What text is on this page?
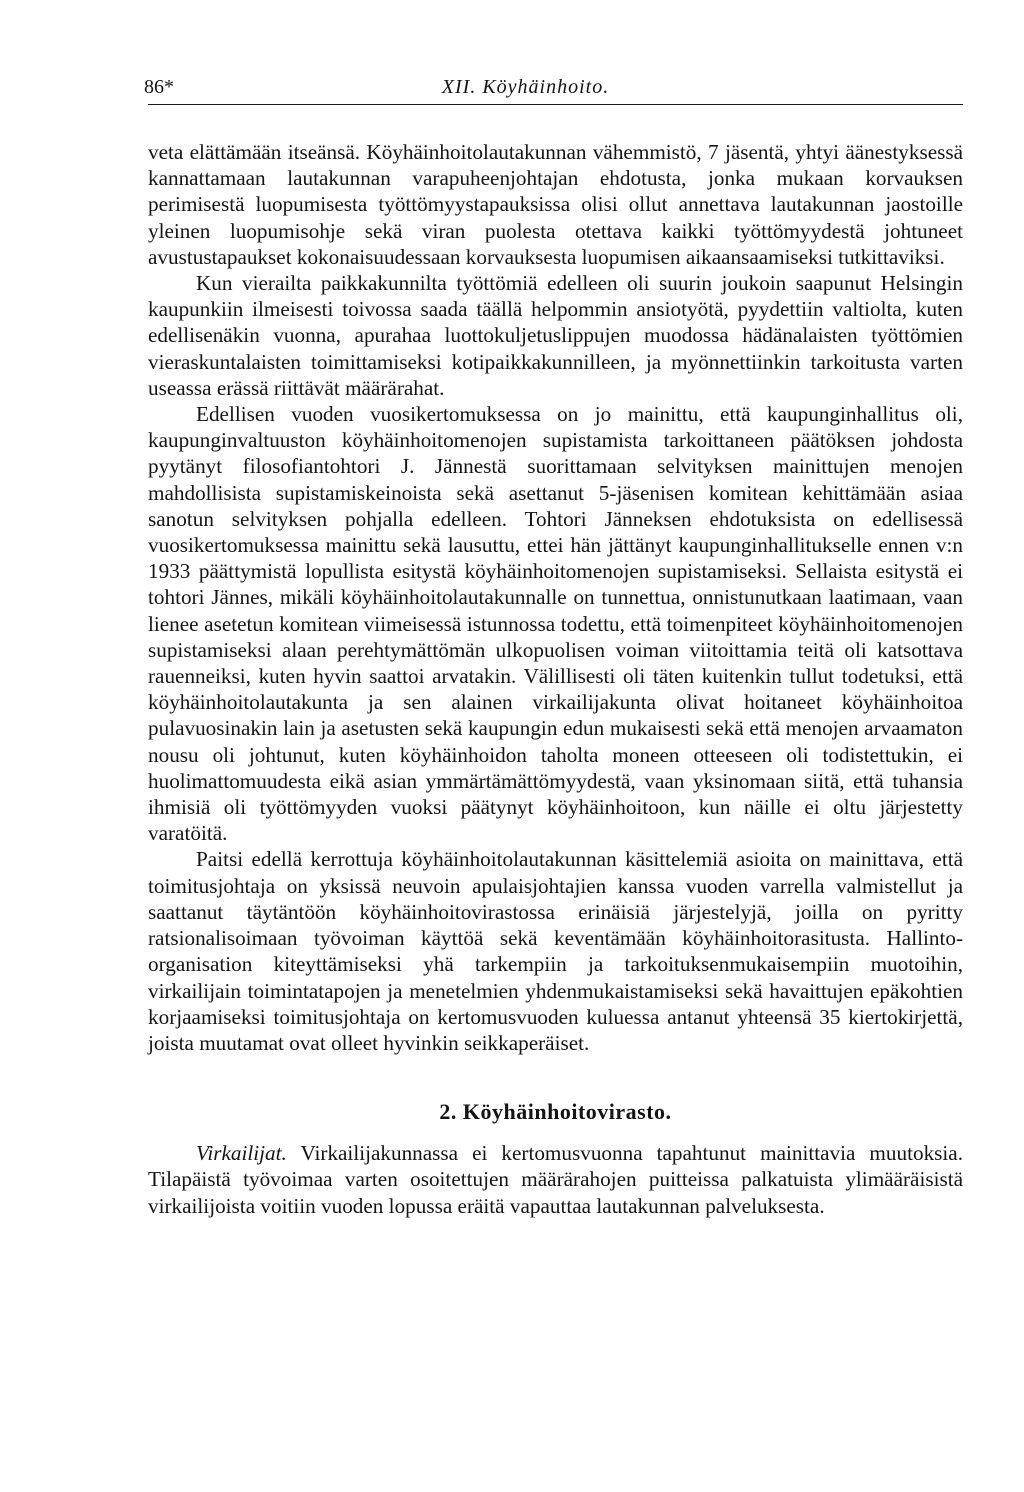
86*	XII. Köyhäinhoito.

veta elättämään itseänsä. Köyhäinhoitolautakunnan vähemmistö, 7 jäsentä, yhtyi äänestyksessä kannattamaan lautakunnan varapuheenjohtajan ehdotusta, jonka mukaan korvauksen perimisestä luopumisesta työttömyystapauksissa olisi ollut annettava lautakunnan jaostoille yleinen luopumisohje sekä viran puolesta otettava kaikki työttömyydestä johtuneet avustustapaukset kokonaisuudessaan korvauksesta luopumisen aikaansaamiseksi tutkittaviksi.

Kun vierailta paikkakunnilta työttömiä edelleen oli suurin joukoin saapunut Helsingin kaupunkiin ilmeisesti toivossa saada täällä helpommin ansiotyötä, pyydettiin valtiolta, kuten edellisenäkin vuonna, apurahaa luottokuljetuslippujen muodossa hädänalaisten työttömien vieraskuntalaisten toimittamiseksi kotipaikkakunnilleen, ja myönnettiinkin tarkoitusta varten useassa erässä riittävät määrärahat.

Edellisen vuoden vuosikertomuksessa on jo mainittu, että kaupunginhallitus oli, kaupunginvaltuuston köyhäinhoitomenojen supistamista tarkoittaneen päätöksen johdosta pyytänyt filosofiantohtori J. Jännestä suorittamaan selvityksen mainittujen menojen mahdollisista supistamiskeinoista sekä asettanut 5-jäsenisen komitean kehittämään asiaa sanotun selvityksen pohjalla edelleen. Tohtori Jänneksen ehdotuksista on edellisessä vuosikertomuksessa mainittu sekä lausuttu, ettei hän jättänyt kaupunginhallitukselle ennen v:n 1933 päättymistä lopullista esitystä köyhäinhoitomenojen supistamiseksi. Sellaista esitystä ei tohtori Jännes, mikäli köyhäinhoitolautakunnalle on tunnettua, onnistunutkaan laatimaan, vaan lienee asetetun komitean viimeisessä istunnossa todettu, että toimenpiteet köyhäinhoitomenojen supistamiseksi alaan perehtymättömän ulkopuolisen voiman viitoittamia teitä oli katsottava rauenneiksi, kuten hyvin saattoi arvatakin. Välillisesti oli täten kuitenkin tullut todetuksi, että köyhäinhoitolautakunta ja sen alainen virkailijakunta olivat hoitaneet köyhäinhoitoa pulavuosinakin lain ja asetusten sekä kaupungin edun mukaisesti sekä että menojen arvaamaton nousu oli johtunut, kuten köyhäinhoidon taholta moneen otteeseen oli todistettukin, ei huolimattomuudesta eikä asian ymmärtämättömyydestä, vaan yksinomaan siitä, että tuhansia ihmisiä oli työttömyyden vuoksi päätynyt köyhäinhoitoon, kun näille ei oltu järjestetty varatöitä.

Paitsi edellä kerrottuja köyhäinhoitolautakunnan käsittelemiä asioita on mainittava, että toimitusjohtaja on yksissä neuvoin apulaisjohtajien kanssa vuoden varrella valmistellut ja saattanut täytäntöön köyhäinhoitovirastossa erinäisiä järjestelyjä, joilla on pyritty ratsionalisoimaan työvoiman käyttöä sekä keventämään köyhäinhoitorasitusta. Hallinto-organisation kiteyttämiseksi yhä tarkempiin ja tarkoituksenmukaisempiin muotoihin, virkailijain toimintatapojen ja menetelmien yhdenmukaistamiseksi sekä havaittujen epäkohtien korjaamiseksi toimitusjohtaja on kertomusvuoden kuluessa antanut yhteensä 35 kiertokirjettä, joista muutamat ovat olleet hyvinkin seikkaperäiset.

2. Köyhäinhoitovirasto.

Virkailijat. Virkailijakunnassa ei kertomusvuonna tapahtunut mainittavia muutoksia. Tilapäistä työvoimaa varten osoitettujen määrärahojen puitteissa palkatuista ylimääräisistä virkailijoista voitiin vuoden lopussa eräitä vapauttaa lautakunnan palveluksesta.
